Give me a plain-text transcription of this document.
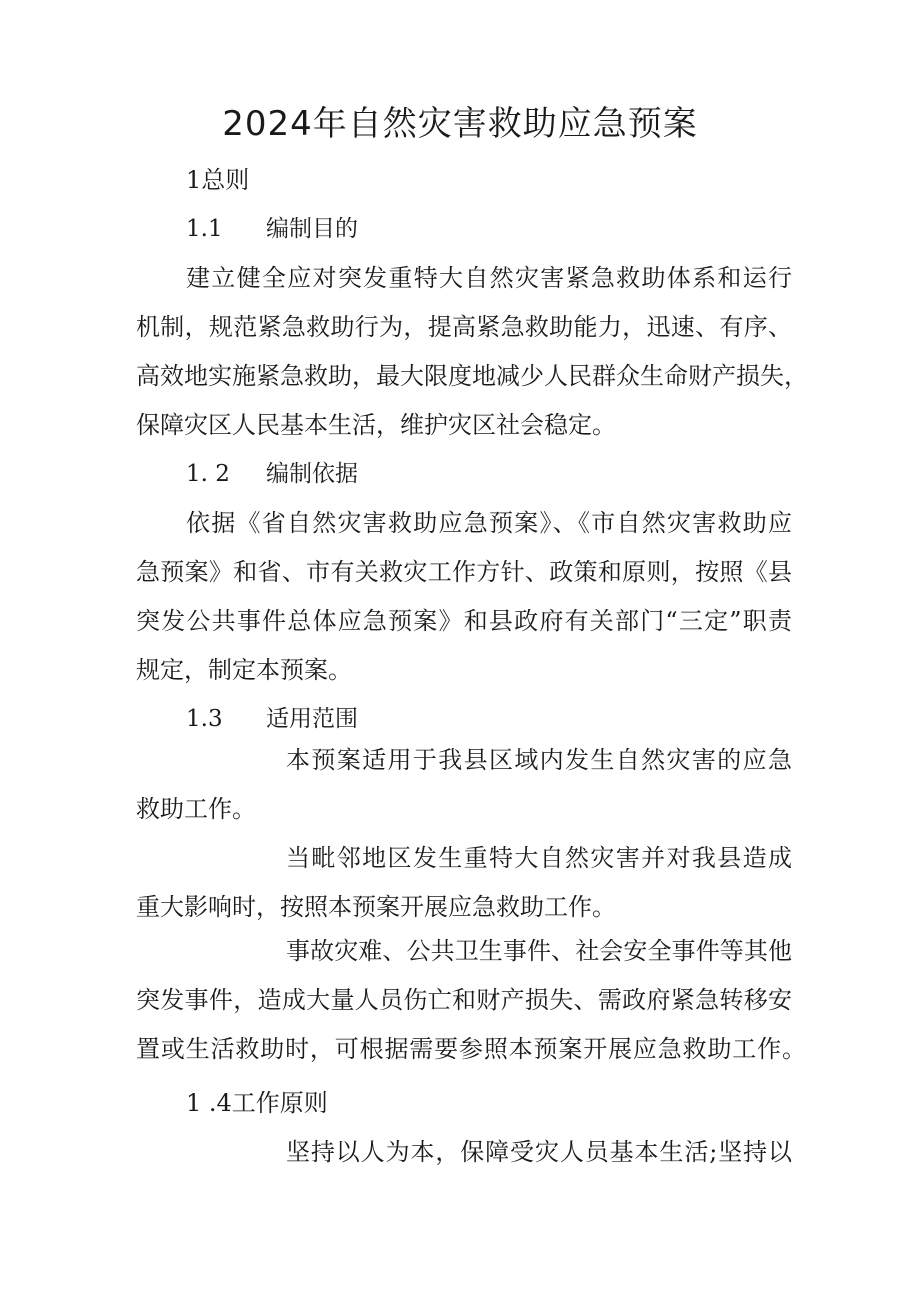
2024年自然灾害救助应急预案

1总则

1.1 编制目的

建立健全应对突发重特大自然灾害紧急救助体系和运行

机制，规范紧急救助行为，提高紧急救助能力，迅速、有序、

高效地实施紧急救助，最大限度地减少人民群众生命财产损失，

保障灾区人民基本生活，维护灾区社会稳定。

1. 2 编制依据

依据《省自然灾害救助应急预案》、《市自然灾害救助应

急预案》和省、市有关救灾工作方针、政策和原则，按照《县

突发公共事件总体应急预案》和县政府有关部门“三定”职责

规定，制定本预案。

1.3 适用范围

本预案适用于我县区域内发生自然灾害的应急

救助工作。

当毗邻地区发生重特大自然灾害并对我县造成

重大影响时，按照本预案开展应急救助工作。

事故灾难、公共卫生事件、社会安全事件等其他

突发事件，造成大量人员伤亡和财产损失、需政府紧急转移安

置或生活救助时，可根据需要参照本预案开展应急救助工作。

1 .4工作原则

坚持以人为本，保障受灾人员基本生活;坚持以
